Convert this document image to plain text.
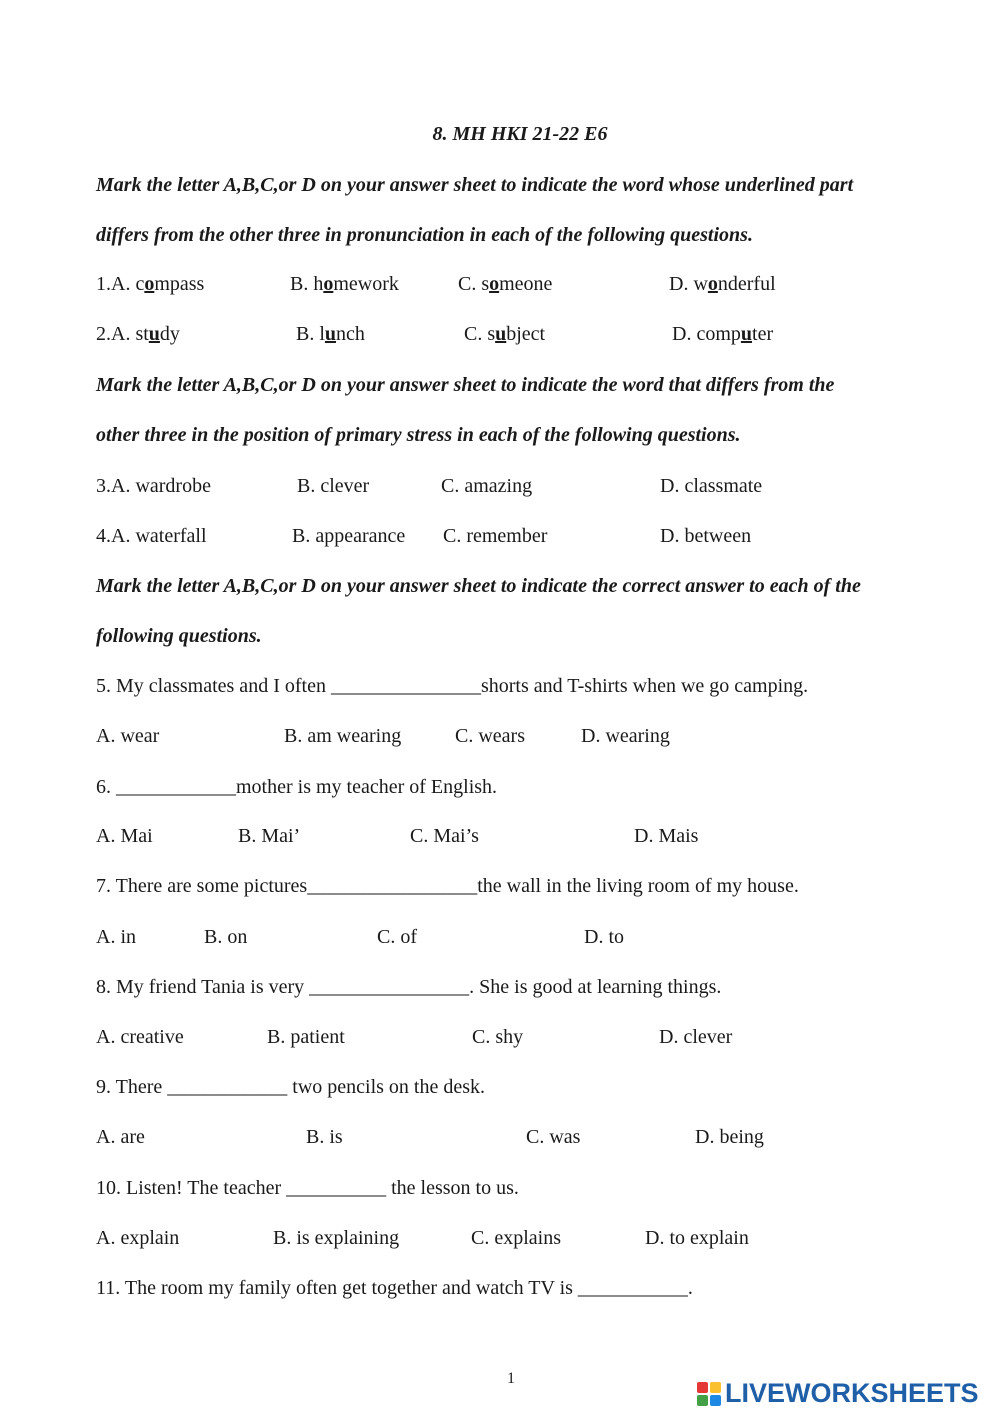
8. MH HKI 21-22 E6
Mark the letter A,B,C,or D on your answer sheet to indicate the word whose underlined part
differs from the other three in pronunciation in each of the following questions.
1.A. compass	B. homework	C. someone	D. wonderful
2.A. study	B. lunch	C. subject	D. computer
Mark the letter A,B,C,or D on your answer sheet to indicate the word that differs from the
other three in the position of primary stress in each of the following questions.
3.A. wardrobe	B. clever	C. amazing	D. classmate
4.A. waterfall	B. appearance C. remember	D. between
Mark the letter A,B,C,or D on your answer sheet to indicate the correct answer to each of the
following questions.
5. My classmates and I often _______________shorts and T-shirts when we go camping.
A. wear	B. am wearing	C. wears	D. wearing
6. ____________mother is my teacher of English.
A. Mai	B. Mai’	C. Mai’s	D. Mais
7. There are some pictures_________________the wall in the living room of my house.
A. in	B. on	C. of	D. to
8. My friend Tania is very ________________. She is good at learning things.
A. creative	B. patient	C. shy	D. clever
9. There ____________ two pencils on the desk.
A. are	B. is	C. was	D. being
10. Listen! The teacher __________ the lesson to us.
A. explain	B. is explaining	C. explains	D. to explain
11. The room my family often get together and watch TV is ___________.
1	LIVEWORKSHEETS
